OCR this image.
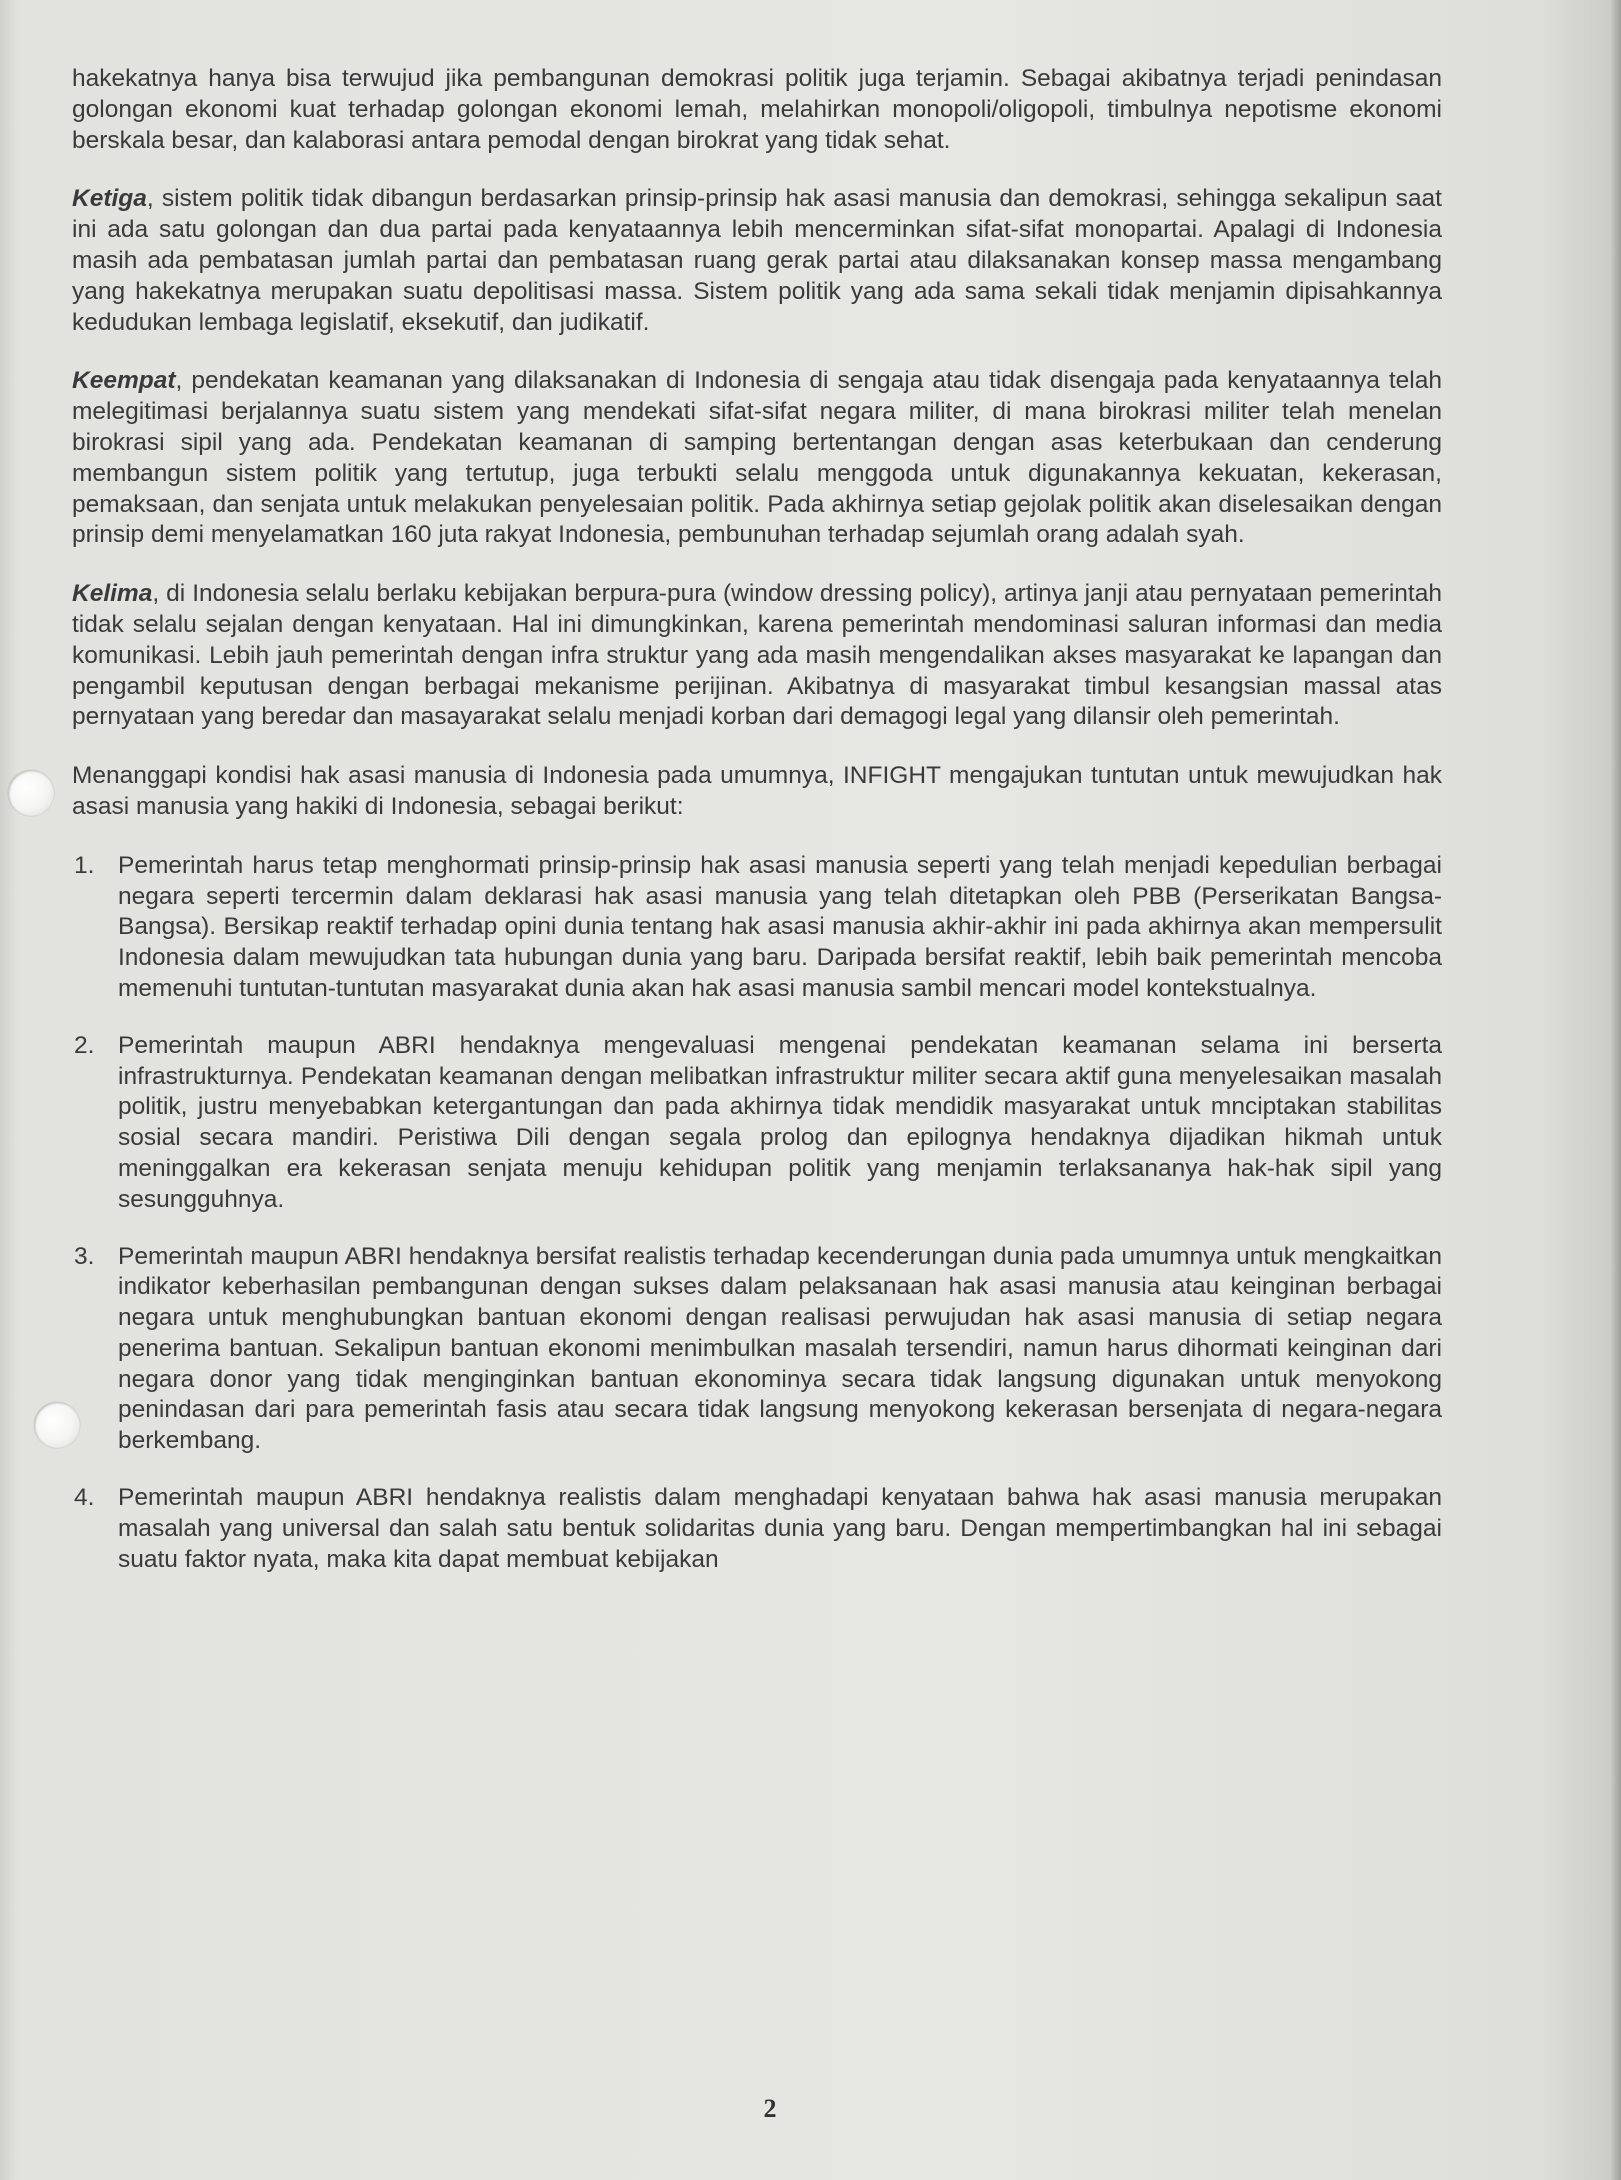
hakekatnya hanya bisa terwujud jika pembangunan demokrasi politik juga terjamin. Sebagai akibatnya terjadi penindasan golongan ekonomi kuat terhadap golongan ekonomi lemah, melahirkan monopoli/oligopoli, timbulnya nepotisme ekonomi berskala besar, dan kalaborasi antara pemodal dengan birokrat yang tidak sehat.

Ketiga, sistem politik tidak dibangun berdasarkan prinsip-prinsip hak asasi manusia dan demokrasi, sehingga sekalipun saat ini ada satu golongan dan dua partai pada kenyataannya lebih mencerminkan sifat-sifat monopartai. Apalagi di Indonesia masih ada pembatasan jumlah partai dan pembatasan ruang gerak partai atau dilaksanakan konsep massa mengambang yang hakekatnya merupakan suatu depolitisasi massa. Sistem politik yang ada sama sekali tidak menjamin dipisahkannya kedudukan lembaga legislatif, eksekutif, dan judikatif.

Keempat, pendekatan keamanan yang dilaksanakan di Indonesia di sengaja atau tidak disengaja pada kenyataannya telah melegitimasi berjalannya suatu sistem yang mendekati sifat-sifat negara militer, di mana birokrasi militer telah menelan birokrasi sipil yang ada. Pendekatan keamanan di samping bertentangan dengan asas keterbukaan dan cenderung membangun sistem politik yang tertutup, juga terbukti selalu menggoda untuk digunakannya kekuatan, kekerasan, pemaksaan, dan senjata untuk melakukan penyelesaian politik. Pada akhirnya setiap gejolak politik akan diselesaikan dengan prinsip demi menyelamatkan 160 juta rakyat Indonesia, pembunuhan terhadap sejumlah orang adalah syah.

Kelima, di Indonesia selalu berlaku kebijakan berpura-pura (window dressing policy), artinya janji atau pernyataan pemerintah tidak selalu sejalan dengan kenyataan. Hal ini dimungkinkan, karena pemerintah mendominasi saluran informasi dan media komunikasi. Lebih jauh pemerintah dengan infra struktur yang ada masih mengendalikan akses masyarakat ke lapangan dan pengambil keputusan dengan berbagai mekanisme perijinan. Akibatnya di masyarakat timbul kesangsian massal atas pernyataan yang beredar dan masayarakat selalu menjadi korban dari demagogi legal yang dilansir oleh pemerintah.

Menanggapi kondisi hak asasi manusia di Indonesia pada umumnya, INFIGHT mengajukan tuntutan untuk mewujudkan hak asasi manusia yang hakiki di Indonesia, sebagai berikut:

1. Pemerintah harus tetap menghormati prinsip-prinsip hak asasi manusia seperti yang telah menjadi kepedulian berbagai negara seperti tercermin dalam deklarasi hak asasi manusia yang telah ditetapkan oleh PBB (Perserikatan Bangsa-Bangsa). Bersikap reaktif terhadap opini dunia tentang hak asasi manusia akhir-akhir ini pada akhirnya akan mempersulit Indonesia dalam mewujudkan tata hubungan dunia yang baru. Daripada bersifat reaktif, lebih baik pemerintah mencoba memenuhi tuntutan-tuntutan masyarakat dunia akan hak asasi manusia sambil mencari model kontekstualnya.
2. Pemerintah maupun ABRI hendaknya mengevaluasi mengenai pendekatan keamanan selama ini berserta infrastrukturnya. Pendekatan keamanan dengan melibatkan infrastruktur militer secara aktif guna menyelesaikan masalah politik, justru menyebabkan ketergantungan dan pada akhirnya tidak mendidik masyarakat untuk mnciptakan stabilitas sosial secara mandiri. Peristiwa Dili dengan segala prolog dan epilognya hendaknya dijadikan hikmah untuk meninggalkan era kekerasan senjata menuju kehidupan politik yang menjamin terlaksananya hak-hak sipil yang sesungguhnya.
3. Pemerintah maupun ABRI hendaknya bersifat realistis terhadap kecenderungan dunia pada umumnya untuk mengkaitkan indikator keberhasilan pembangunan dengan sukses dalam pelaksanaan hak asasi manusia atau keinginan berbagai negara untuk menghubungkan bantuan ekonomi dengan realisasi perwujudan hak asasi manusia di setiap negara penerima bantuan. Sekalipun bantuan ekonomi menimbulkan masalah tersendiri, namun harus dihormati keinginan dari negara donor yang tidak menginginkan bantuan ekonominya secara tidak langsung digunakan untuk menyokong penindasan dari para pemerintah fasis atau secara tidak langsung menyokong kekerasan bersenjata di negara-negara berkembang.
4. Pemerintah maupun ABRI hendaknya realistis dalam menghadapi kenyataan bahwa hak asasi manusia merupakan masalah yang universal dan salah satu bentuk solidaritas dunia yang baru. Dengan mempertimbangkan hal ini sebagai suatu faktor nyata, maka kita dapat membuat kebijakan
2
